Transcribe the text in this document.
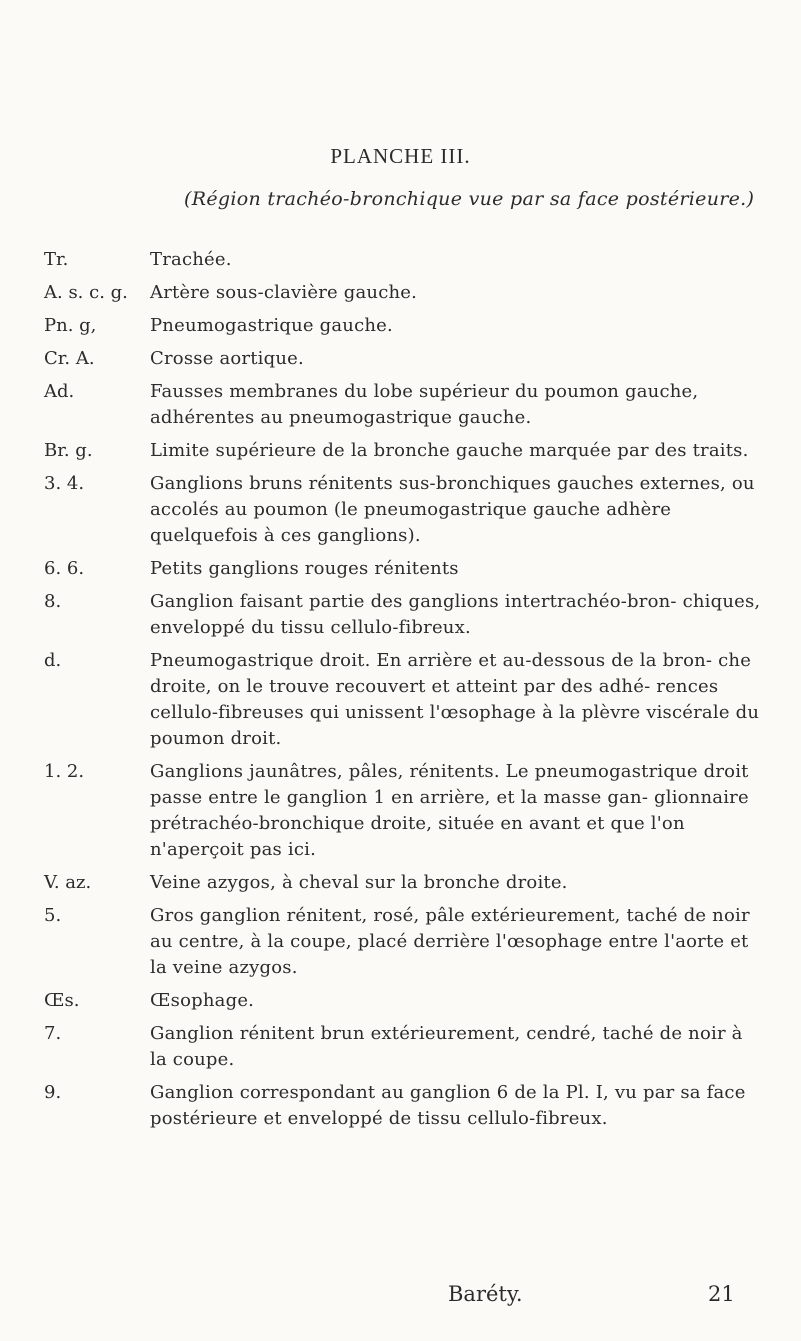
PLANCHE III.
(Région trachéo-bronchique vue par sa face postérieure.)
Tr.	Trachée.
A. s. c. g.	Artère sous-clavière gauche.
Pn. g,	Pneumogastrique gauche.
Cr. A.	Crosse aortique.
Ad.	Fausses membranes du lobe supérieur du poumon gauche, adhérentes au pneumogastrique gauche.
Br. g.	Limite supérieure de la bronche gauche marquée par des traits.
3. 4.	Ganglions bruns rénitents sus-bronchiques gauches externes, ou accolés au poumon (le pneumogastrique gauche adhère quelquefois à ces ganglions).
6. 6.	Petits ganglions rouges rénitents
8.	Ganglion faisant partie des ganglions intertrachéo-bron- chiques, enveloppé du tissu cellulo-fibreux.
d.	Pneumogastrique droit. En arrière et au-dessous de la bron- che droite, on le trouve recouvert et atteint par des adhé- rences cellulo-fibreuses qui unissent l'œsophage à la plèvre viscérale du poumon droit.
1. 2.	Ganglions jaunâtres, pâles, rénitents. Le pneumogastrique droit passe entre le ganglion 1 en arrière, et la masse gan- glionnaire prétrachéo-bronchique droite, située en avant et que l'on n'aperçoit pas ici.
V. az.	Veine azygos, à cheval sur la bronche droite.
5.	Gros ganglion rénitent, rosé, pâle extérieurement, taché de noir au centre, à la coupe, placé derrière l'œsophage entre l'aorte et la veine azygos.
Œs.	Œsophage.
7.	Ganglion rénitent brun extérieurement, cendré, taché de noir à la coupe.
9.	Ganglion correspondant au ganglion 6 de la Pl. I, vu par sa face postérieure et enveloppé de tissu cellulo-fibreux.
Baréty.	21
